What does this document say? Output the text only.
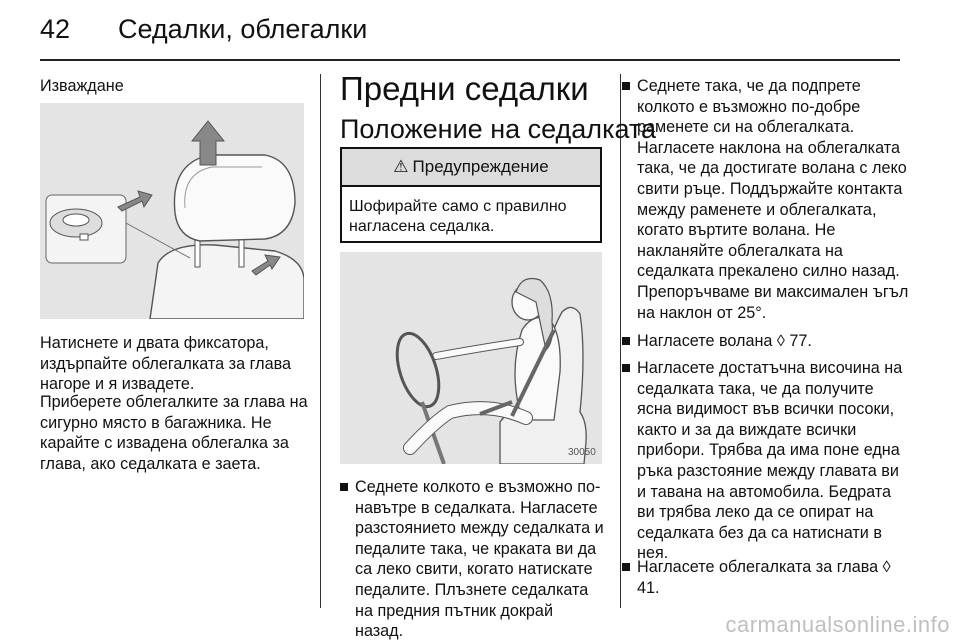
42 Седалки, облегалки
Изваждане

Натиснете и двата фиксатора, издърпайте облегалката за глава нагоре и я извадете.

Приберете облегалките за глава на сигурно място в багажника. Не карайте с извадена облегалка за глава, ако седалката е заета.

Предни седалки
Положение на седалката
⚠ Предупреждение
Шофирайте само с правилно нагласена седалка.
30050
Седнете колкото е възможно по-навътре в седалката. Нагласете разстоянието между седалката и педалите така, че краката ви да са леко свити, когато натискате педалите. Плъзнете седалката на предния пътник докрай назад.
Седнете така, че да подпрете колкото е възможно по-добре раменете си на облегалката. Нагласете наклона на облегалката така, че да достигате волана с леко свити ръце. Поддържайте контакта между раменете и облегалката, когато въртите волана. Не накланяйте облегалката на седалката прекалено силно назад. Препоръчваме ви максимален ъгъл на наклон от 25°.
Нагласете волана ◊ 77.
Нагласете достатъчна височина на седалката така, че да получите ясна видимост във всички посоки, както и за да виждате всички прибори. Трябва да има поне една ръка разстояние между главата ви и тавана на автомобила. Бедрата ви трябва леко да се опират на седалката без да са натиснати в нея.
Нагласете облегалката за глава ◊ 41.
carmanualsonline.info
